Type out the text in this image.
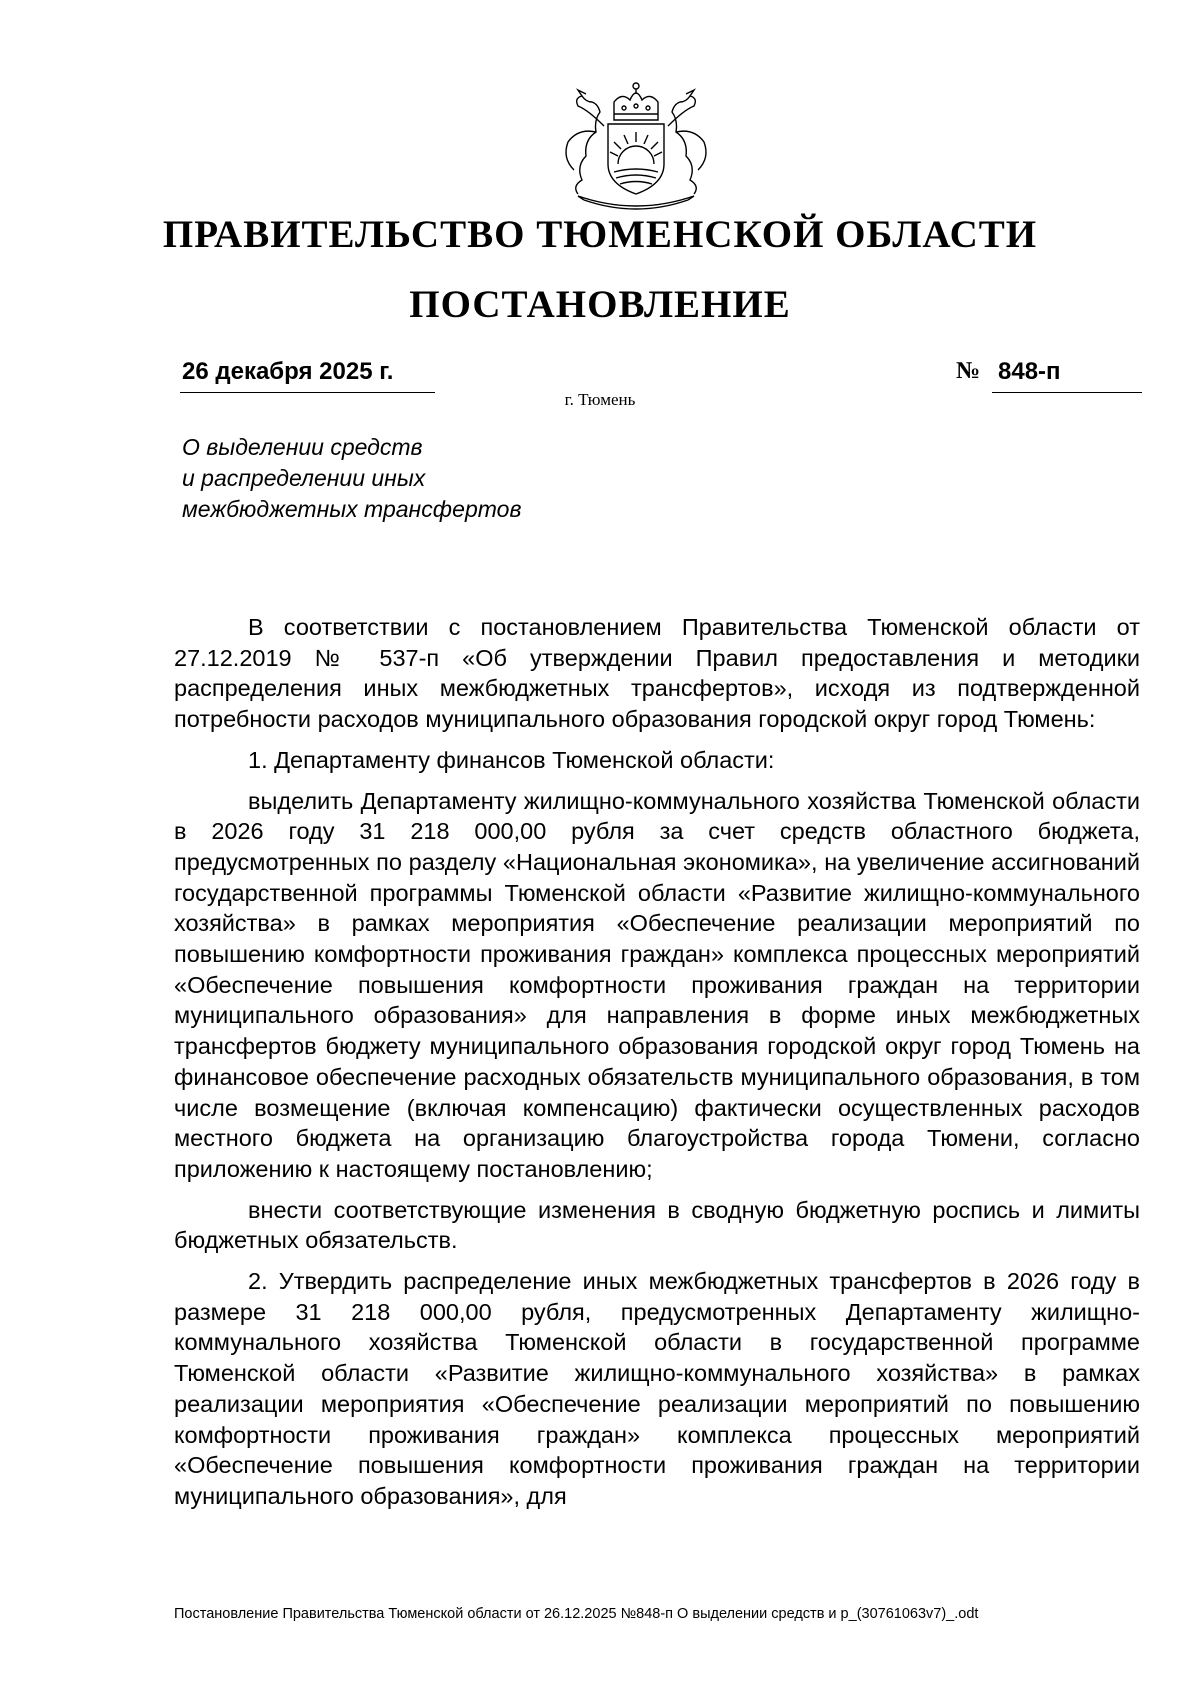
ПРАВИТЕЛЬСТВО ТЮМЕНСКОЙ ОБЛАСТИ
ПОСТАНОВЛЕНИЕ
26 декабря 2025 г.	№ 848-п
г. Тюмень
О выделении средств
и распределении иных
межбюджетных трансфертов

В соответствии с постановлением Правительства Тюменской области от 27.12.2019 № 537-п «Об утверждении Правил предоставления и методики распределения иных межбюджетных трансфертов», исходя из подтвержденной потребности расходов муниципального образования городской округ город Тюмень:

1. Департаменту финансов Тюменской области:

выделить Департаменту жилищно-коммунального хозяйства Тюменской области в 2026 году 31 218 000,00 рубля за счет средств областного бюджета, предусмотренных по разделу «Национальная экономика», на увеличение ассигнований государственной программы Тюменской области «Развитие жилищно-коммунального хозяйства» в рамках мероприятия «Обеспечение реализации мероприятий по повышению комфортности проживания граждан» комплекса процессных мероприятий «Обеспечение повышения комфортности проживания граждан на территории муниципального образования» для направления в форме иных межбюджетных трансфертов бюджету муниципального образования городской округ город Тюмень на финансовое обеспечение расходных обязательств муниципального образования, в том числе возмещение (включая компенсацию) фактически осуществленных расходов местного бюджета на организацию благоустройства города Тюмени, согласно приложению к настоящему постановлению;

внести соответствующие изменения в сводную бюджетную роспись и лимиты бюджетных обязательств.

2. Утвердить распределение иных межбюджетных трансфертов в 2026 году в размере 31 218 000,00 рубля, предусмотренных Департаменту жилищно-коммунального хозяйства Тюменской области в государственной программе Тюменской области «Развитие жилищно-коммунального хозяйства» в рамках реализации мероприятия «Обеспечение реализации мероприятий по повышению комфортности проживания граждан» комплекса процессных мероприятий «Обеспечение повышения комфортности проживания граждан на территории муниципального образования», для

Постановление Правительства Тюменской области от 26.12.2025 №848-п О выделении средств и р_(30761063v7)_.odt
